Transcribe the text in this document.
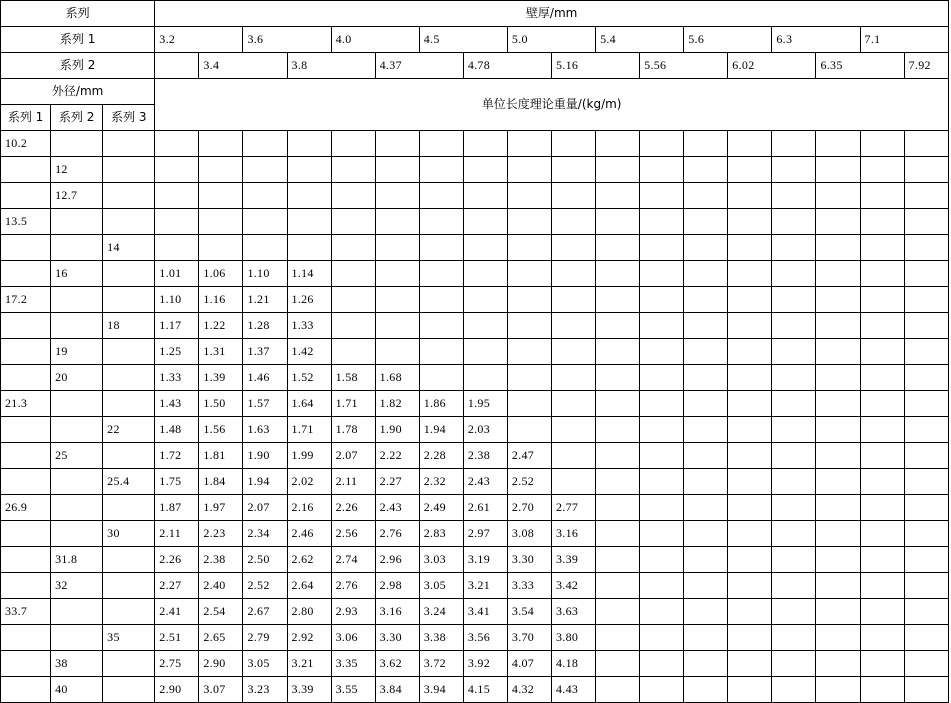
系列			壁厚/mm																	
系列 1			3.2		3.6		4.0		4.5		5.0		5.4		5.6		6.3		7.1	
系列 2				3.4		3.8		4.37		4.78		5.16		5.56		6.02		6.35		7.92
外径/mm			单位长度理论重量/(kg/m)																	
系列 1	系列 2	系列 3																		
10.2																				
	12																			
	12.7																			
13.5																				
		14																		
	16		1.01	1.06	1.10	1.14														
17.2			1.10	1.16	1.21	1.26														
		18	1.17	1.22	1.28	1.33														
	19		1.25	1.31	1.37	1.42														
	20		1.33	1.39	1.46	1.52	1.58	1.68												
21.3			1.43	1.50	1.57	1.64	1.71	1.82	1.86	1.95										
		22	1.48	1.56	1.63	1.71	1.78	1.90	1.94	2.03										
	25		1.72	1.81	1.90	1.99	2.07	2.22	2.28	2.38	2.47									
		25.4	1.75	1.84	1.94	2.02	2.11	2.27	2.32	2.43	2.52									
26.9			1.87	1.97	2.07	2.16	2.26	2.43	2.49	2.61	2.70	2.77								
		30	2.11	2.23	2.34	2.46	2.56	2.76	2.83	2.97	3.08	3.16								
	31.8		2.26	2.38	2.50	2.62	2.74	2.96	3.03	3.19	3.30	3.39								
	32		2.27	2.40	2.52	2.64	2.76	2.98	3.05	3.21	3.33	3.42								
33.7			2.41	2.54	2.67	2.80	2.93	3.16	3.24	3.41	3.54	3.63								
		35	2.51	2.65	2.79	2.92	3.06	3.30	3.38	3.56	3.70	3.80								
	38		2.75	2.90	3.05	3.21	3.35	3.62	3.72	3.92	4.07	4.18								
	40		2.90	3.07	3.23	3.39	3.55	3.84	3.94	4.15	4.32	4.43								
